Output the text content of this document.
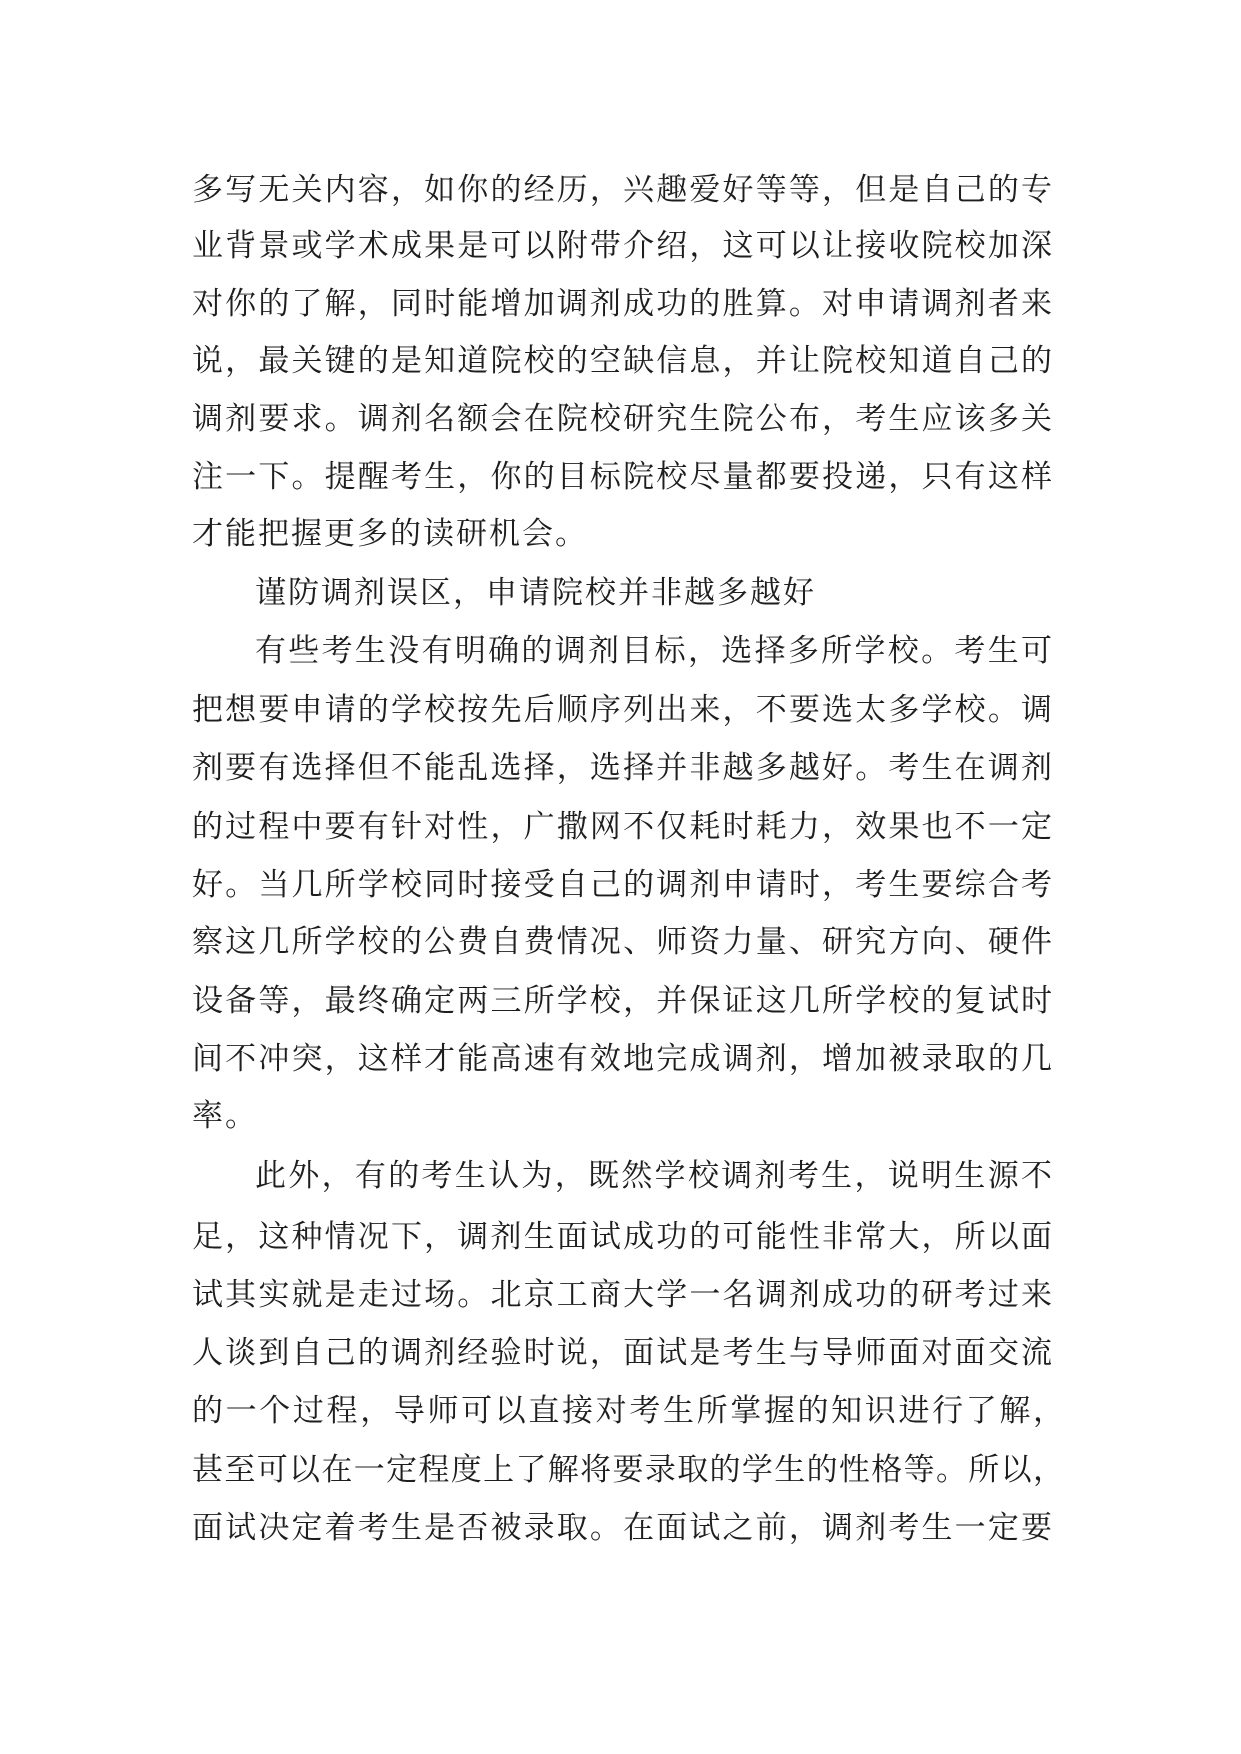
多写无关内容，如你的经历，兴趣爱好等等，但是自己的专
业背景或学术成果是可以附带介绍，这可以让接收院校加深
对你的了解，同时能增加调剂成功的胜算。对申请调剂者来
说，最关键的是知道院校的空缺信息，并让院校知道自己的
调剂要求。调剂名额会在院校研究生院公布，考生应该多关
注一下。提醒考生，你的目标院校尽量都要投递，只有这样
才能把握更多的读研机会。
谨防调剂误区，申请院校并非越多越好
有些考生没有明确的调剂目标，选择多所学校。考生可
把想要申请的学校按先后顺序列出来，不要选太多学校。调
剂要有选择但不能乱选择，选择并非越多越好。考生在调剂
的过程中要有针对性，广撒网不仅耗时耗力，效果也不一定
好。当几所学校同时接受自己的调剂申请时，考生要综合考
察这几所学校的公费自费情况、师资力量、研究方向、硬件
设备等，最终确定两三所学校，并保证这几所学校的复试时
间不冲突，这样才能高速有效地完成调剂，增加被录取的几
率。
此外，有的考生认为，既然学校调剂考生，说明生源不
足，这种情况下，调剂生面试成功的可能性非常大，所以面
试其实就是走过场。北京工商大学一名调剂成功的研考过来
人谈到自己的调剂经验时说，面试是考生与导师面对面交流
的一个过程，导师可以直接对考生所掌握的知识进行了解，
甚至可以在一定程度上了解将要录取的学生的性格等。所以，
面试决定着考生是否被录取。在面试之前，调剂考生一定要
